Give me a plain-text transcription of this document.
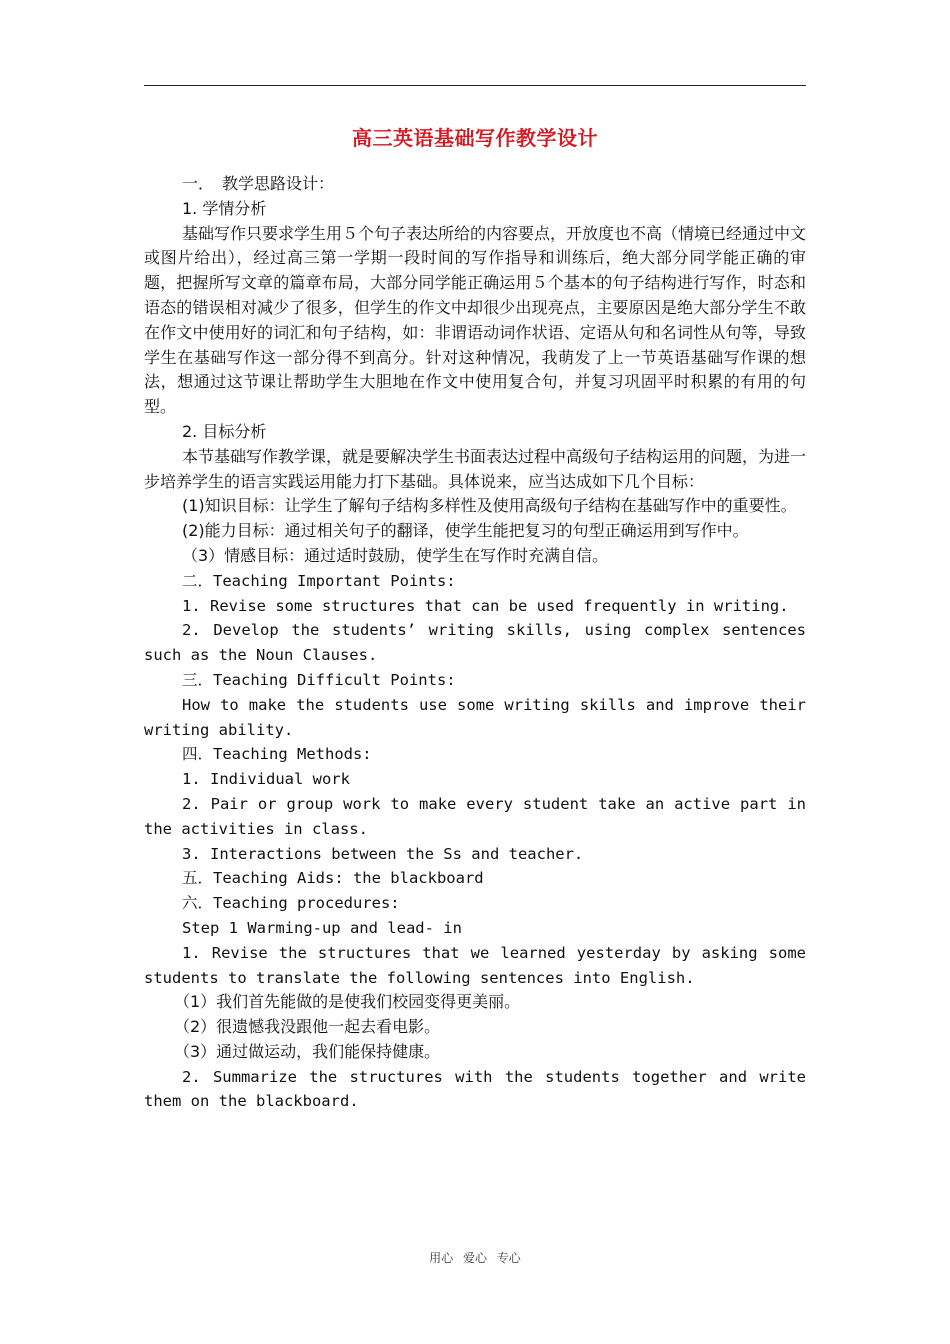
高三英语基础写作教学设计

一．　教学思路设计：

1. 学情分析

基础写作只要求学生用５个句子表达所给的内容要点，开放度也不高（情境已经通过中文或图片给出），经过高三第一学期一段时间的写作指导和训练后，绝大部分同学能正确的审题，把握所写文章的篇章布局，大部分同学能正确运用５个基本的句子结构进行写作，时态和语态的错误相对减少了很多，但学生的作文中却很少出现亮点，主要原因是绝大部分学生不敢在作文中使用好的词汇和句子结构，如：非谓语动词作状语、定语从句和名词性从句等，导致学生在基础写作这一部分得不到高分。针对这种情况，我萌发了上一节英语基础写作课的想法，想通过这节课让帮助学生大胆地在作文中使用复合句，并复习巩固平时积累的有用的句型。

2. 目标分析

本节基础写作教学课，就是要解决学生书面表达过程中高级句子结构运用的问题，为进一步培养学生的语言实践运用能力打下基础。具体说来，应当达成如下几个目标：

(1)知识目标：让学生了解句子结构多样性及使用高级句子结构在基础写作中的重要性。

(2)能力目标：通过相关句子的翻译，使学生能把复习的句型正确运用到写作中。

（3）情感目标：通过适时鼓励，使学生在写作时充满自信。

二．Teaching Important Points:

1. Revise some structures that can be used frequently in writing.

2. Develop the students’ writing skills, using complex sentences such as the Noun Clauses.

三．Teaching Difficult Points:

How to make the students use some writing skills and improve their writing ability.

四．Teaching Methods:

1. Individual work

2. Pair or group work to make every student take an active part in the activities in class.

3. Interactions between the Ss and teacher.

五．Teaching Aids: the blackboard

六．Teaching procedures:

Step 1 Warming-up and lead- in

1. Revise the structures that we learned yesterday by asking some students to translate the following sentences into English.

（1）我们首先能做的是使我们校园变得更美丽。

（2）很遗憾我没跟他一起去看电影。

（3）通过做运动，我们能保持健康。

2. Summarize the structures with the students together and write them on the blackboard.

用心 爱心 专心
